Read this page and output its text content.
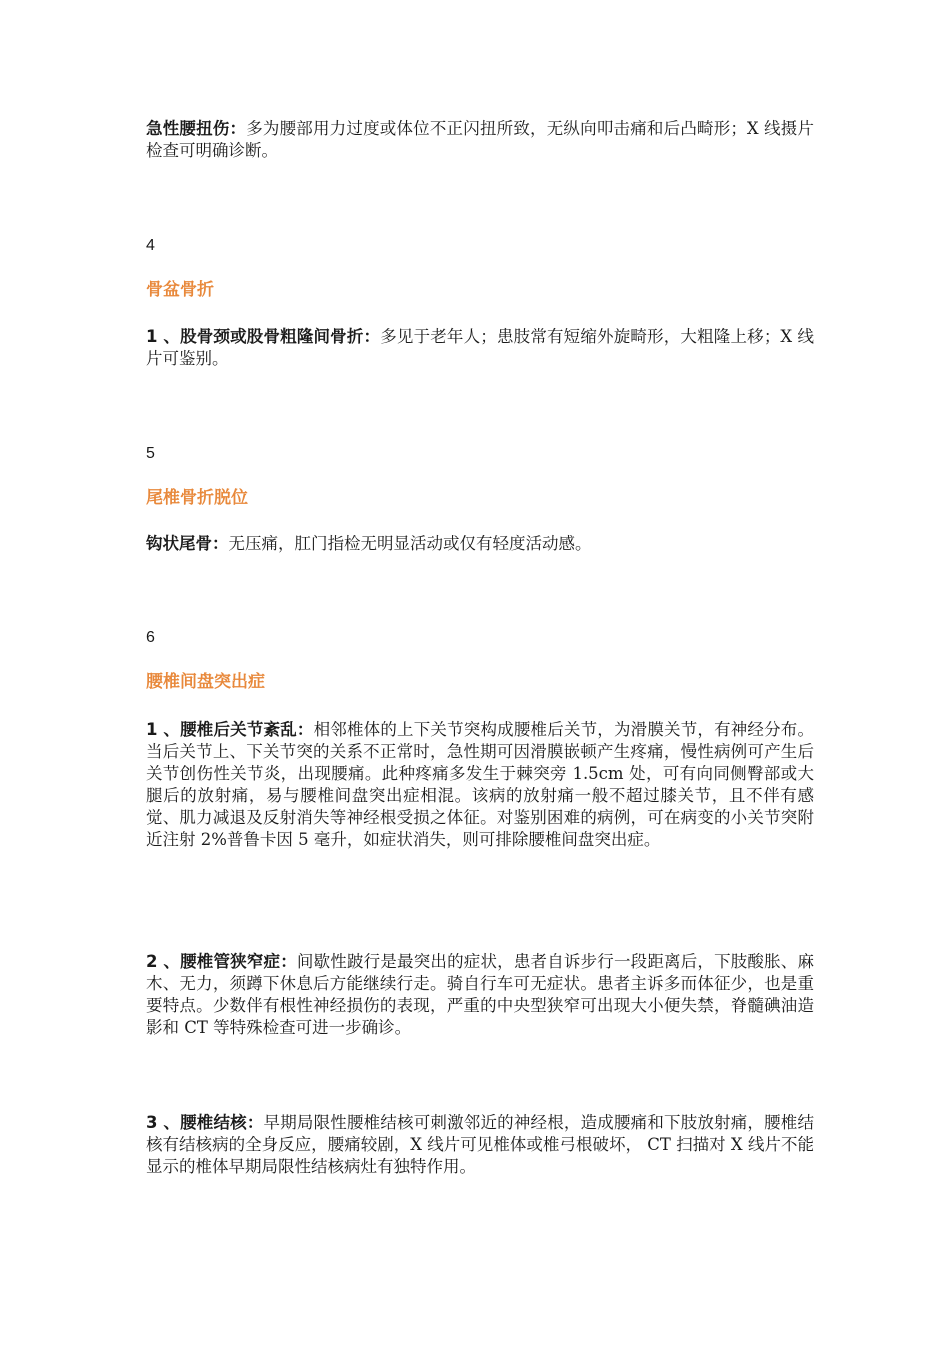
急性腰扭伤：多为腰部用力过度或体位不正闪扭所致，无纵向叩击痛和后凸畸形；X 线摄片检查可明确诊断。

4

骨盆骨折

1 、股骨颈或股骨粗隆间骨折：多见于老年人；患肢常有短缩外旋畸形，大粗隆上移；X 线片可鉴别。

5

尾椎骨折脱位

钩状尾骨：无压痛，肛门指检无明显活动或仅有轻度活动感。

6

腰椎间盘突出症

1 、腰椎后关节紊乱：相邻椎体的上下关节突构成腰椎后关节，为滑膜关节，有神经分布。当后关节上、下关节突的关系不正常时，急性期可因滑膜嵌顿产生疼痛，慢性病例可产生后关节创伤性关节炎，出现腰痛。此种疼痛多发生于棘突旁 1.5cm 处，可有向同侧臀部或大腿后的放射痛，易与腰椎间盘突出症相混。该病的放射痛一般不超过膝关节，且不伴有感觉、肌力减退及反射消失等神经根受损之体征。对鉴别困难的病例，可在病变的小关节突附近注射 2%普鲁卡因 5 毫升，如症状消失，则可排除腰椎间盘突出症。

2 、腰椎管狭窄症：间歇性跛行是最突出的症状，患者自诉步行一段距离后，下肢酸胀、麻木、无力，须蹲下休息后方能继续行走。骑自行车可无症状。患者主诉多而体征少，也是重要特点。少数伴有根性神经损伤的表现，严重的中央型狭窄可出现大小便失禁，脊髓碘油造影和 CT 等特殊检查可进一步确诊。

3 、腰椎结核：早期局限性腰椎结核可刺激邻近的神经根，造成腰痛和下肢放射痛，腰椎结核有结核病的全身反应，腰痛较剧，X 线片可见椎体或椎弓根破坏， CT 扫描对 X 线片不能显示的椎体早期局限性结核病灶有独特作用。
